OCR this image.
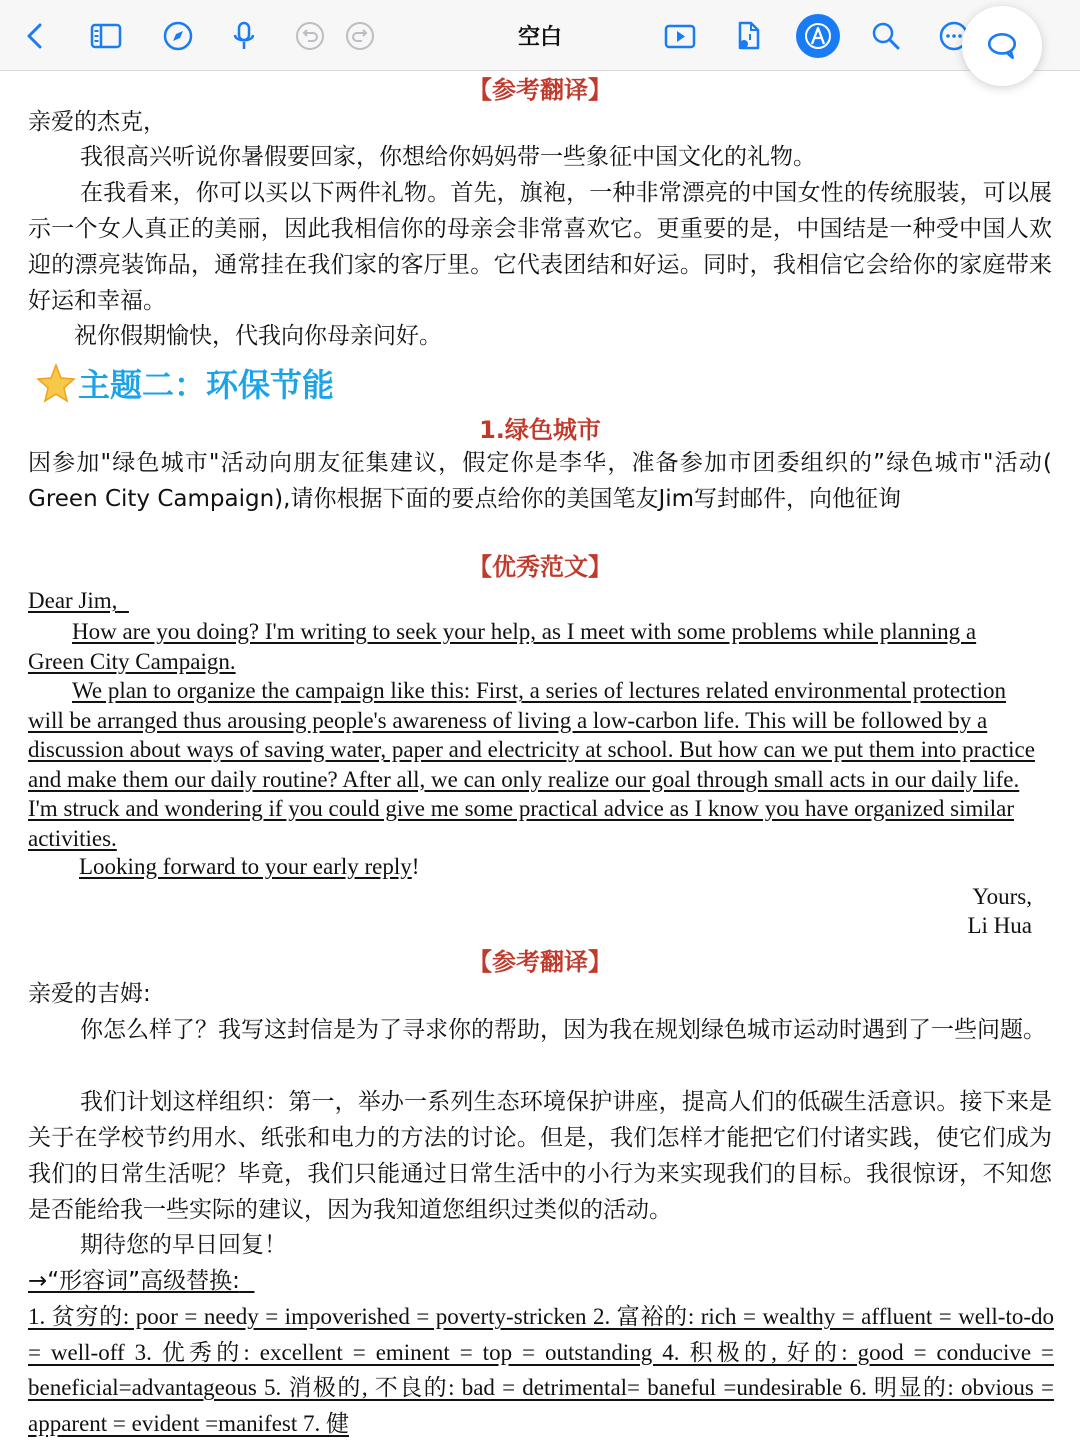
空白
【参考翻译】
亲爱的杰克，
我很高兴听说你暑假要回家，你想给你妈妈带一些象征中国文化的礼物。
在我看来，你可以买以下两件礼物。首先，旗袍，一种非常漂亮的中国女性的传统服装，可以展示一个女人真正的美丽，因此我相信你的母亲会非常喜欢它。更重要的是，中国结是一种受中国人欢迎的漂亮装饰品，通常挂在我们家的客厅里。它代表团结和好运。同时，我相信它会给你的家庭带来好运和幸福。
祝你假期愉快，代我向你母亲问好。
主题二：环保节能
1.绿色城市
因参加"绿色城市"活动向朋友征集建议，假定你是李华，准备参加市团委组织的”绿色城市"活动( Green City Campaign),请你根据下面的要点给你的美国笔友Jim写封邮件，向他征询
【优秀范文】
Dear Jim,
How are you doing? I'm writing to seek your help, as I meet with some problems while planning a Green City Campaign.
We plan to organize the campaign like this: First, a series of lectures related environmental protection will be arranged thus arousing people's awareness of living a low-carbon life. This will be followed by a discussion about ways of saving water, paper and electricity at school. But how can we put them into practice and make them our daily routine? After all, we can only realize our goal through small acts in our daily life. I'm struck and wondering if you could give me some practical advice as I know you have organized similar activities.
Looking forward to your early reply!
Yours,
Li Hua
【参考翻译】
亲爱的吉姆:
你怎么样了？我写这封信是为了寻求你的帮助，因为我在规划绿色城市运动时遇到了一些问题。
我们计划这样组织：第一，举办一系列生态环境保护讲座，提高人们的低碳生活意识。接下来是关于在学校节约用水、纸张和电力的方法的讨论。但是，我们怎样才能把它们付诸实践，使它们成为我们的日常生活呢？毕竟，我们只能通过日常生活中的小行为来实现我们的目标。我很惊讶，不知您是否能给我一些实际的建议，因为我知道您组织过类似的活动。
期待您的早日回复！
→“形容词”高级替换:
1. 贫穷的: poor = needy = impoverished = poverty-stricken 2. 富裕的: rich = wealthy = affluent = well-to-do = well-off 3. 优秀的: excellent = eminent = top = outstanding 4. 积极的, 好的: good = conducive = beneficial=advantageous 5. 消极的, 不良的: bad = detrimental= baneful =undesirable 6. 明显的: obvious = apparent = evident =manifest 7. 健
